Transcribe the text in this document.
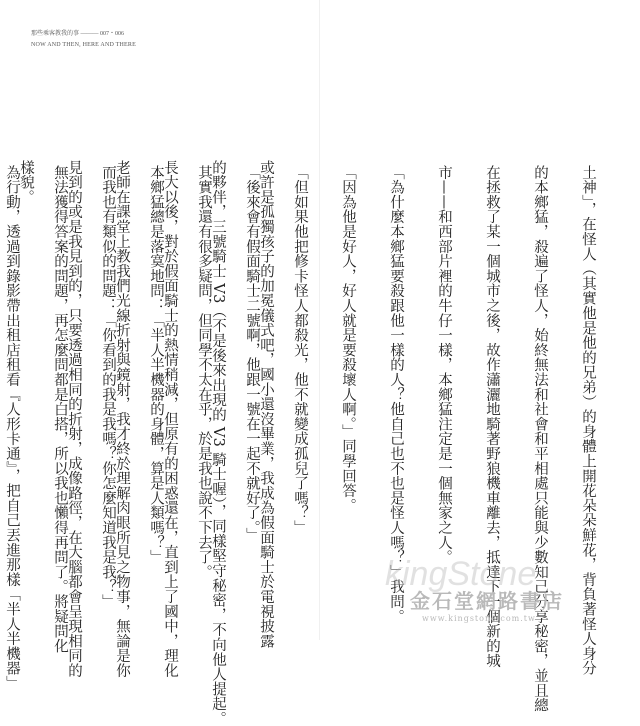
那些乘客教我的事 ——— 007・006
NOW AND THEN, HERE AND THERE

土神」，在怪人（其實他是他的兄弟）的身體上開花朵朵鮮花，背負著怪人身分

的本鄉猛，殺遍了怪人，始終無法和社會和平相處只能與少數知己分享秘密，並且總

在拯救了某一個城市之後，故作瀟灑地騎著野狼機車離去，抵達下一個新的城

市——和西部片裡的牛仔一樣，本鄉猛注定是一個無家之人。

「為什麼本鄉猛要殺跟他一樣的人？他自己也不也是怪人嗎？」我問。

「因為他是好人，好人就是要殺壞人啊。」同學回答。

「但如果他把修卡怪人都殺光，他不就變成孤兒了嗎？」

「後來會有假面騎士二號啊，他跟一號在一起不就好了。」

其實我還有很多疑問，但同學不太在乎，於是我也說不下去了。

本鄉猛總是落寞地問：「半人半機器的身體，算是人類嗎？」

而我也有類似的問題：「你看到的我是我嗎？你怎麼知道我是我？」

無法獲得答案的問題，再怎麼問都是白搭，所以我也懶得再問了。將疑問化

為行動，透過到錄影帶出租店租看『人形卡通』，把自己丟進那樣「半人半機器」

	或許是孤獨孩子的加冕儀式吧，國小還沒畢業，我成為假面騎士於電視披露

的夥伴，三號騎士 V3（不是後來出現的 V3 騎士喔），同樣堅守秘密，不向他人提起。

長大以後，對於假面騎士的熱情稍減，但原有的困惑還在，直到上了國中，理化

老師在課堂上教我們光線折射與鏡射，我才終於理解肉眼所見之物事，無論是你

見到的或是我見到的，只要透過相同的折射，成像路徑，在大腦都會呈現相同的

樣貌。

kingStone
金石堂網路書店
www.kingstone.com.tw
